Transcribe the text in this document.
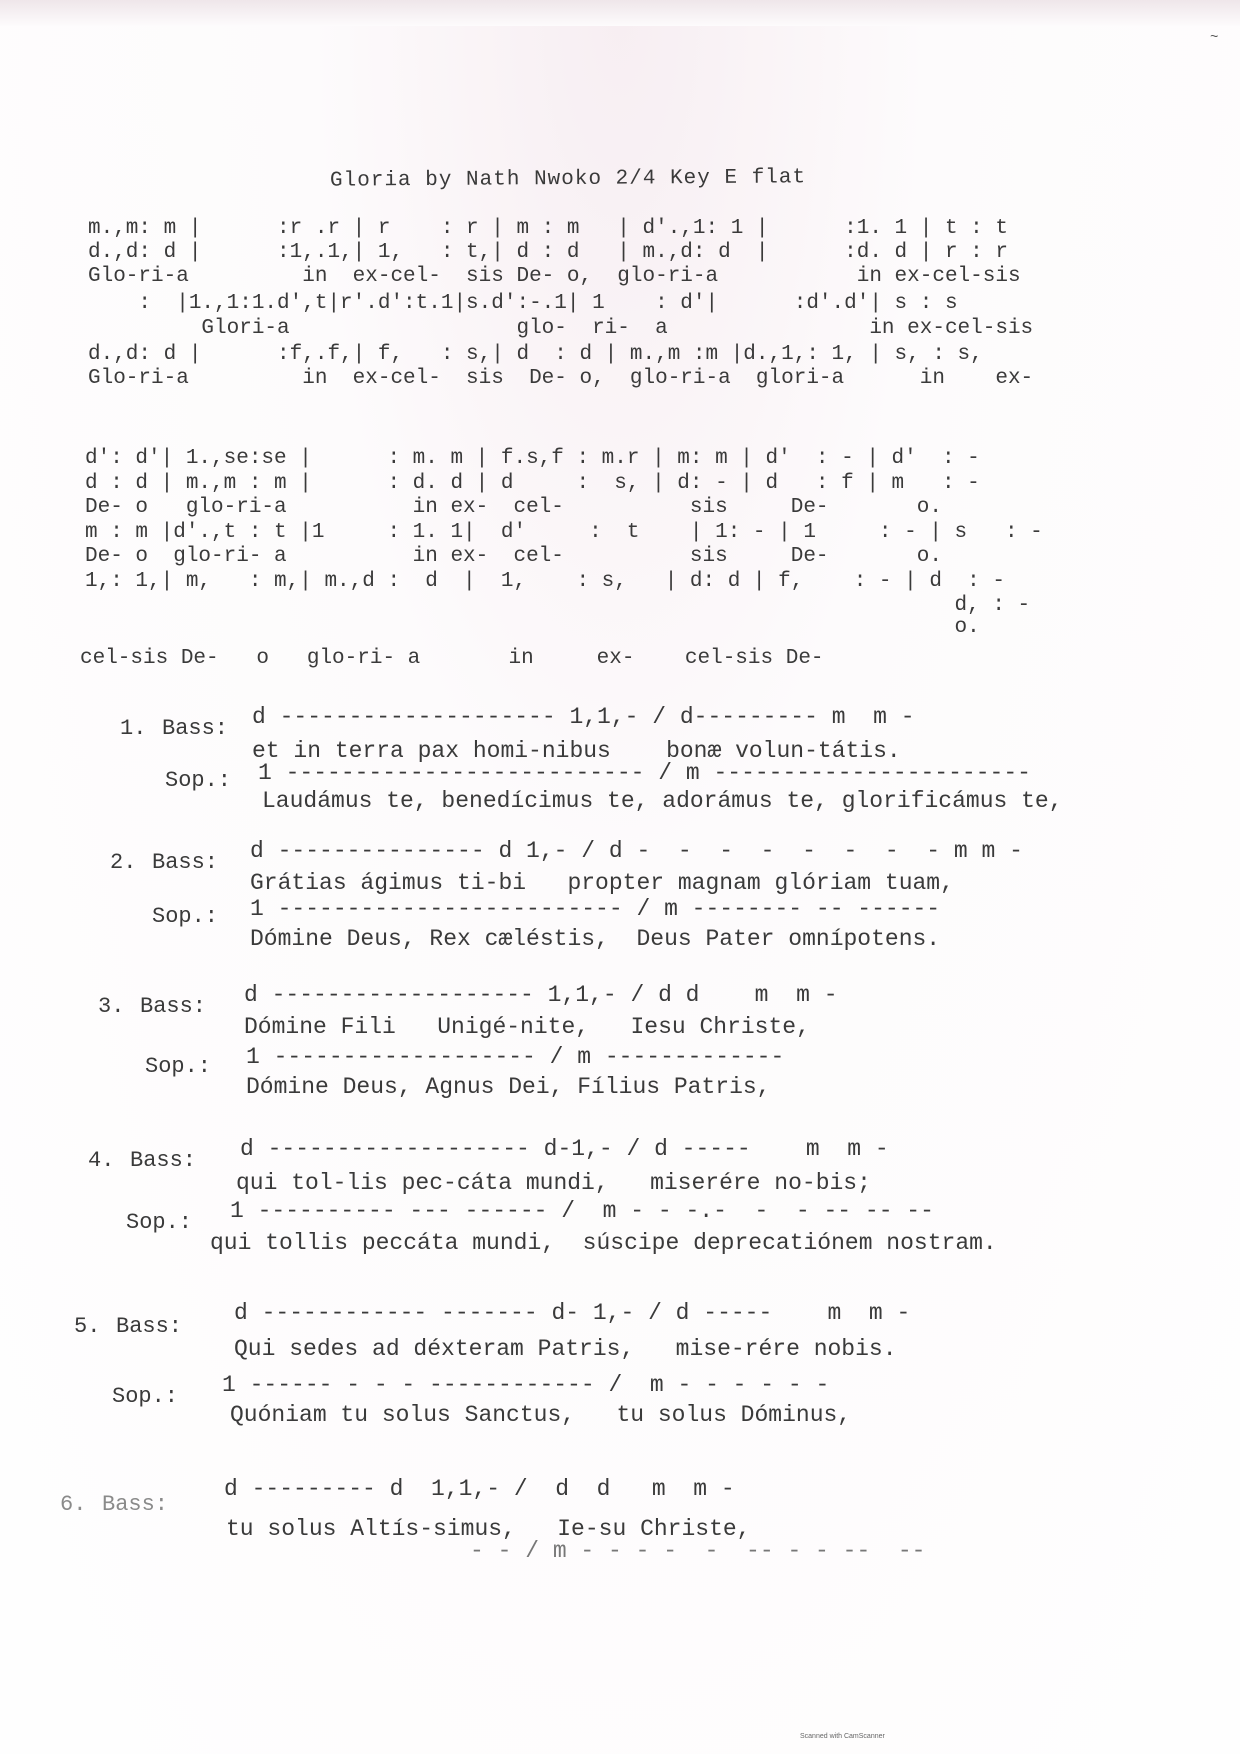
~
Gloria by Nath Nwoko 2/4 Key E flat
m.,m: m |      :r .r | r    : r | m : m   | d'.,1: 1 |      :1. 1 | t : t
d.,d: d |      :1,.1,| 1,   : t,| d : d   | m.,d: d  |      :d. d | r : r
Glo-ri-a         in  ex-cel-  sis De- o,  glo-ri-a           in ex-cel-sis
:  |1.,1:1.d',t|r'.d':t.1|s.d':-.1| 1    : d'|      :d'.d'| s : s
Glori-a                  glo-  ri-  a                in ex-cel-sis
d.,d: d |      :f,.f,| f,   : s,| d  : d | m.,m :m |d.,1,: 1, | s, : s,
Glo-ri-a         in  ex-cel-  sis  De- o,  glo-ri-a  glori-a      in    ex-
d': d'| 1.,se:se |      : m. m | f.s,f : m.r | m: m | d'  : - | d'  : -
d : d | m.,m : m |      : d. d | d     :  s, | d: - | d   : f | m   : -
De- o   glo-ri-a          in ex-  cel-          sis     De-       o.
m : m |d'.,t : t |1     : 1. 1|  d'     :  t    | 1: - | 1     : - | s   : -
De- o  glo-ri- a          in ex-  cel-          sis     De-       o.
1,: 1,| m,   : m,| m.,d :  d  |  1,    : s,   | d: d | f,    : - | d  : -
d, : -
o.
cel-sis De-   o   glo-ri- a       in     ex-    cel-sis De-
1. Bass: d -------------------- 1,1,- / d--------- m  m -
et in terra pax homi-nibus    bonæ volun-tátis.
Sop.: 1 -------------------------- / m -----------------------
Laudámus te, benedícimus te, adorámus te, glorificámus te,
2. Bass: d --------------- d 1,- / d -  -  -  -  -  -  -  - m m -
Grátias ágimus ti-bi   propter magnam glóriam tuam,
Sop.: 1 ------------------------- / m -------- -- ------
Dómine Deus, Rex cæléstis,  Deus Pater omnípotens.
3. Bass: d ------------------- 1,1,- / d d    m  m -
Dómine Fili   Unigé-nite,   Iesu Christe,
Sop.: 1 ------------------- / m -------------
Dómine Deus, Agnus Dei, Fílius Patris,
4. Bass: d ------------------- d-1,- / d -----    m  m -
qui tol-lis pec-cáta mundi,   miserére no-bis;
Sop.: 1 ---------- --- ------ /  m - - -.-  -  - -- -- --
qui tollis peccáta mundi,  súscipe deprecatiónem nostram.
5. Bass:
d ------------ ------- d- 1,- / d -----    m  m -
Qui sedes ad déxteram Patris,   mise-rére nobis.
Sop.: 1 ------ - - - ------------ /  m - - - - - -
Quóniam tu solus Sanctus,   tu solus Dóminus,
6. Bass:
d --------- d  1,1,- /  d  d   m  m -
tu solus Altís-simus,   Ie-su Christe,
- - / m - - - -  -  -- - - --  --
Scanned with CamScanner
